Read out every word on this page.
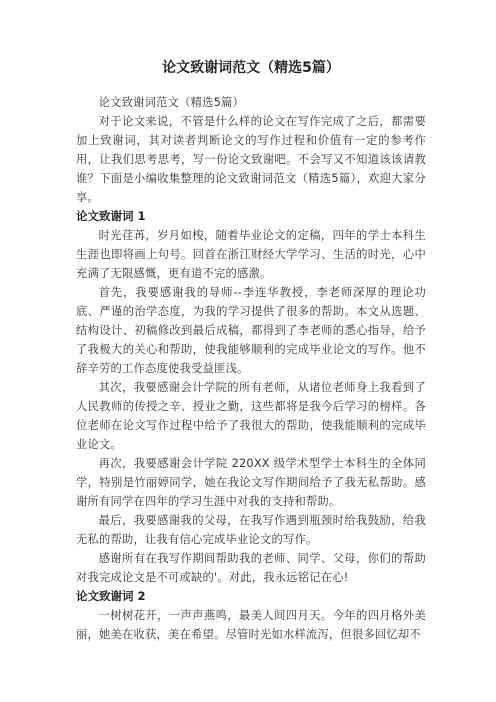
论文致谢词范文（精选5篇）

论文致谢词范文（精选5篇）

对于论文来说，不管是什么样的论文在写作完成了之后，都需要加上致谢词，其对读者判断论文的写作过程和价值有一定的参考作用，让我们思考思考，写一份论文致谢吧。不会写又不知道该该请教谁？下面是小编收集整理的论文致谢词范文（精选5篇），欢迎大家分享。

论文致谢词 1

时光荏苒，岁月如梭，随着毕业论文的定稿，四年的学士本科生生涯也即将画上句号。回首在浙江财经大学学习、生活的时光，心中充满了无限感慨，更有道不完的感激。

首先，我要感谢我的导师--李连华教授，李老师深厚的理论功底、严谨的治学态度，为我的学习提供了很多的帮助。本文从选题、结构设计、初稿修改到最后成稿，都得到了李老师的悉心指导，给予了我极大的关心和帮助，使我能够顺利的完成毕业论文的写作。他不辞辛劳的工作态度使我受益匪浅。

其次，我要感谢会计学院的所有老师，从诸位老师身上我看到了人民教师的传授之辛、授业之勤，这些都将是我今后学习的榜样。各位老师在论文写作过程中给予了我很大的帮助，使我能顺利的完成毕业论文。

再次，我要感谢会计学院 220XX 级学术型学士本科生的全体同学，特别是竹丽婷同学，她在我论文写作期间给予了我无私帮助。感谢所有同学在四年的学习生涯中对我的支持和帮助。

最后，我要感谢我的父母，在我写作遇到瓶颈时给我鼓励，给我无私的帮助，让我有信心完成毕业论文的写作。

感谢所有在我写作期间帮助我的老师、同学、父母，你们的帮助对我完成论文是不可或缺的'。对此，我永远铭记在心!

论文致谢词 2

一树树花开，一声声燕鸣，最美人间四月天。今年的四月格外美丽，她美在收获，美在希望。尽管时光如水样流泻，但很多回忆却不
